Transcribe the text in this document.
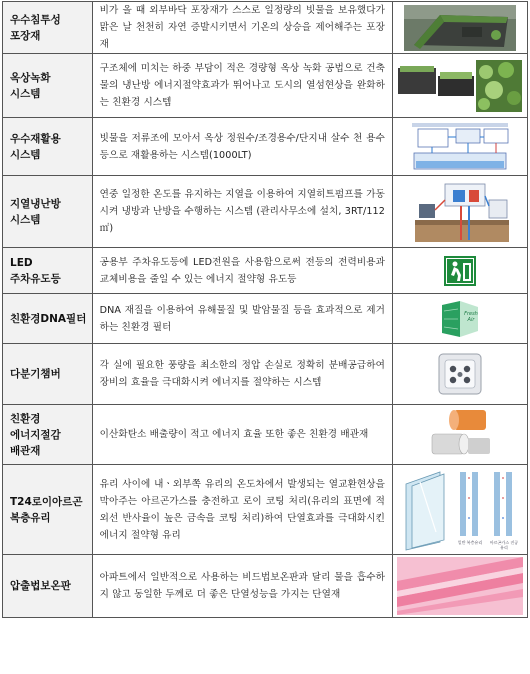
우수침투성
포장재	비가 올 때 외부바닥 포장재가 스스로 일정량의 빗물을 보유했다가 맑은 날 천천히 자연 증발시키면서 기온의 상승을 제어해주는 포장재	

옥상녹화
시스템	구조체에 미치는 하중 부담이 적은 경량형 옥상 녹화 공법으로 건축물의 냉난방 에너지절약효과가 뛰어나고 도시의 열섬현상을 완화하는 친환경 시스템	

우수재활용
시스템	빗물을 저류조에 모아서 옥상 정원수/조경용수/단지내 살수 천 용수 등으로 재활용하는 시스템(1000LT)	

지열냉난방
시스템	연중 일정한 온도를 유지하는 지열을 이용하여 지열히트펌프를 가동시켜 냉방과 난방을 수행하는 시스템 (관리사무소에 설치, 3RT/112㎡)	

LED
주차유도등	공용부 주차유도등에 LED전원을 사용함으로써 전등의 전력비용과 교체비용을 줄일 수 있는 에너지 절약형 유도등	

친환경DNA필터	DNA 재질을 이용하여 유해물질 및 발암물질 등을 효과적으로 제거하는 친환경 필터	Fresh Air

다분기챔버	각 실에 필요한 풍량을 최소한의 정압 손실로 정확히 분배공급하여 장비의 효율을 극대화시켜 에너지를 절약하는 시스템	

친환경
에너지절감
배관재	이산화탄소 배출량이 적고 에너지 효율 또한 좋은 친환경 배관재	

T24로이아르곤
복층유리	유리 사이에 내ㆍ외부쪽 유리의 온도차에서 발생되는 열교환현상을 막아주는 아르곤가스를 충전하고 로이 코팅 처리(유리의 표면에 적외선 반사율이 높은 금속을 코팅 처리)하여 단열효과를 극대화시킨 에너지 절약형 유리	일반 복층유리 아르곤가스 진공유리

압출법보온판	아파트에서 일반적으로 사용하는 비드법보온판과 달리 물을 흡수하지 않고 동일한 두께로 더 좋은 단열성능을 가지는 단열재	
